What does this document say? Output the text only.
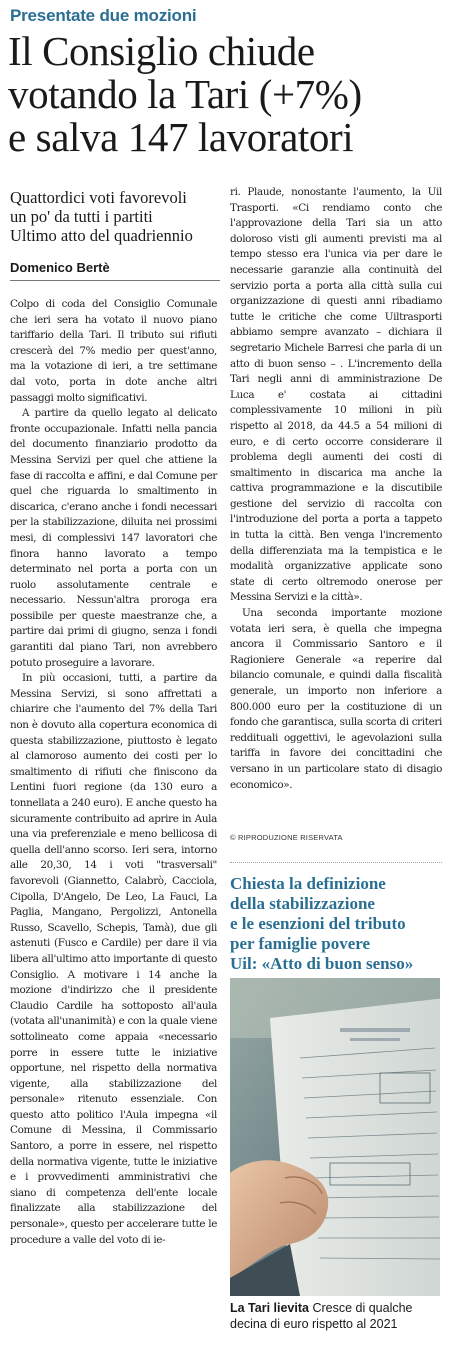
Presentate due mozioni
Il Consiglio chiude
votando la Tari (+7%)
e salva 147 lavoratori
Quattordici voti favorevoli
un po' da tutti i partiti
Ultimo atto del quadriennio
Domenico Bertè

Colpo di coda del Consiglio Comunale che ieri sera ha votato il nuovo piano tariffario della Tari. Il tributo sui rifiuti crescerà del 7% medio per quest'anno, ma la votazione di ieri, a tre settimane dal voto, porta in dote anche altri passaggi molto significativi.

A partire da quello legato al delicato fronte occupazionale. Infatti nella pancia del documento finanziario prodotto da Messina Servizi per quel che attiene la fase di raccolta e affini, e dal Comune per quel che riguarda lo smaltimento in discarica, c'erano anche i fondi necessari per la stabilizzazione, diluita nei prossimi mesi, di complessivi 147 lavoratori che finora hanno lavorato a tempo determinato nel porta a porta con un ruolo assolutamente centrale e necessario. Nessun'altra proroga era possibile per queste maestranze che, a partire dai primi di giugno, senza i fondi garantiti dal piano Tari, non avrebbero potuto proseguire a lavorare.

In più occasioni, tutti, a partire da Messina Servizi, si sono affrettati a chiarire che l'aumento del 7% della Tari non è dovuto alla copertura economica di questa stabilizzazione, piuttosto è legato al clamoroso aumento dei costi per lo smaltimento di rifiuti che finiscono da Lentini fuori regione (da 130 euro a tonnellata a 240 euro). E anche questo ha sicuramente contribuito ad aprire in Aula una via preferenziale e meno bellicosa di quella dell'anno scorso. Ieri sera, intorno alle 20,30, 14 i voti "trasversali" favorevoli (Giannetto, Calabrò, Cacciola, Cipolla, D'Angelo, De Leo, La Fauci, La Paglia, Mangano, Pergolizzi, Antonella Russo, Scavello, Schepis, Tamà), due gli astenuti (Fusco e Cardile) per dare il via libera all'ultimo atto importante di questo Consiglio. A motivare i 14 anche la mozione d'indirizzo che il presidente Claudio Cardile ha sottoposto all'aula (votata all'unanimità) e con la quale viene sottolineato come appaia «necessario porre in essere tutte le iniziative opportune, nel rispetto della normativa vigente, alla stabilizzazione del personale» ritenuto essenziale. Con questo atto politico l'Aula impegna «il Comune di Messina, il Commissario Santoro, a porre in essere, nel rispetto della normativa vigente, tutte le iniziative e i provvedimenti amministrativi che siano di competenza dell'ente locale finalizzate alla stabilizzazione del personale», questo per accelerare tutte le procedure a valle del voto di ie-

ri. Plaude, nonostante l'aumento, la Uil Trasporti. «Ci rendiamo conto che l'approvazione della Tari sia un atto doloroso visti gli aumenti previsti ma al tempo stesso era l'unica via per dare le necessarie garanzie alla continuità del servizio porta a porta alla città sulla cui organizzazione di questi anni ribadiamo tutte le critiche che come Uiltrasporti abbiamo sempre avanzato – dichiara il segretario Michele Barresi che parla di un atto di buon senso – . L'incremento della Tari negli anni di amministrazione De Luca e' costata ai cittadini complessivamente 10 milioni in più rispetto al 2018, da 44.5 a 54 milioni di euro, e di certo occorre considerare il problema degli aumenti dei costi di smaltimento in discarica ma anche la cattiva programmazione e la discutibile gestione del servizio di raccolta con l'introduzione del porta a porta a tappeto in tutta la città. Ben venga l'incremento della differenziata ma la tempistica e le modalità organizzative applicate sono state di certo oltremodo onerose per Messina Servizi e la città».

Una seconda importante mozione votata ieri sera, è quella che impegna ancora il Commissario Santoro e il Ragioniere Generale «a reperire dal bilancio comunale, e quindi dalla fiscalità generale, un importo non inferiore a 800.000 euro per la costituzione di un fondo che garantisca, sulla scorta di criteri reddituali oggettivi, le agevolazioni sulla tariffa in favore dei concittadini che versano in un particolare stato di disagio economico».

© RIPRODUZIONE RISERVATA
Chiesta la definizione
della stabilizzazione
e le esenzioni del tributo
per famiglie povere
Uil: «Atto di buon senso»
La Tari lievita Cresce di qualche decina di euro rispetto al 2021
